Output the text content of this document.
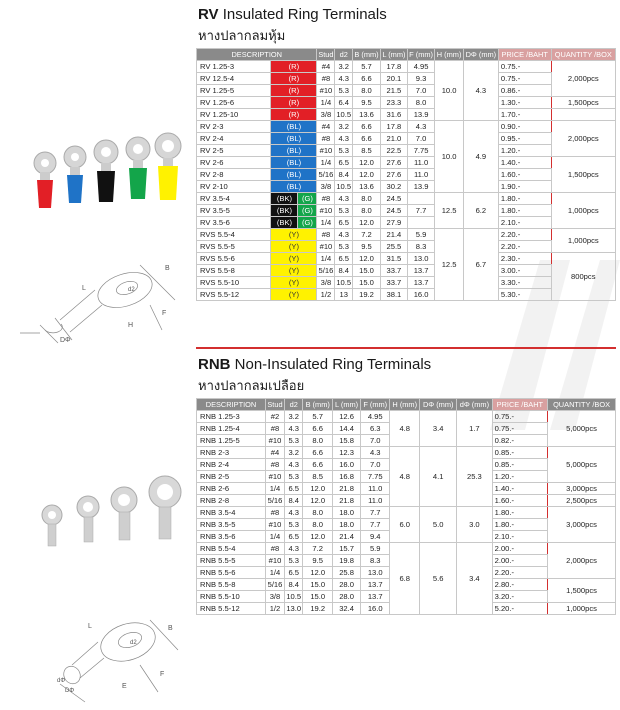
L
B
F
H
DΦ
d2
L	B
F
E
dΦ
DΦ
d2
RV Insulated Ring Terminals
หางปลากลมหุ้ม
DESCRIPTION			Stud	d2	B (mm)	L (mm)	F (mm)	H (mm)	DΦ (mm)	PRICE /BAHT	QUANTITY /BOX
RV 1.25-3	(R)		#4	3.2	5.7	17.8	4.95	10.0	4.3	0.75.-	2,000pcs
RV 12.5-4	(R)		#8	4.3	6.6	20.1	9.3			0.75.-	
RV 1.25-5	(R)		#10	5.3	8.0	21.5	7.0			0.86.-	
RV 1.25-6	(R)		1/4	6.4	9.5	23.3	8.0			1.30.-	1,500pcs
RV 1.25-10	(R)		3/8	10.5	13.6	31.6	13.9			1.70.-	
RV 2-3	(BL)		#4	3.2	6.6	17.8	4.3	10.0	4.9	0.90.-	2,000pcs
RV 2-4	(BL)		#8	4.3	6.6	21.0	7.0			0.95.-	
RV 2-5	(BL)		#10	5.3	8.5	22.5	7.75			1.20.-	
RV 2-6	(BL)		1/4	6.5	12.0	27.6	11.0			1.40.-	1,500pcs
RV 2-8	(BL)		5/16	8.4	12.0	27.6	11.0			1.60.-	
RV 2-10	(BL)		3/8	10.5	13.6	30.2	13.9			1.90.-	
RV 3.5-4	(BK)	(G)	#8	4.3	8.0	24.5		12.5	6.2	1.80.-	1,000pcs
RV 3.5-5	(BK)	(G)	#10	5.3	8.0	24.5	7.7			1.80.-	
RV 3.5-6	(BK)	(G)	1/4	6.5	12.0	27.9				2.10.-	
RVS 5.5-4	(Y)		#8	4.3	7.2	21.4	5.9	12.5	6.7	2.20.-	1,000pcs
RVS 5.5-5	(Y)		#10	5.3	9.5	25.5	8.3			2.20.-	
RVS 5.5-6	(Y)		1/4	6.5	12.0	31.5	13.0			2.30.-	800pcs
RVS 5.5-8	(Y)		5/16	8.4	15.0	33.7	13.7			3.00.-	
RVS 5.5-10	(Y)		3/8	10.5	15.0	33.7	13.7			3.30.-	
RVS 5.5-12	(Y)		1/2	13	19.2	38.1	16.0			5.30.-	
RNB Non-Insulated Ring Terminals
หางปลากลมเปลือย
DESCRIPTION	Stud	d2	B (mm)	L (mm)	F (mm)	H (mm)	DΦ (mm)	dΦ (mm)	PRICE /BAHT	QUANTITY /BOX
RNB 1.25-3	#2	3.2	5.7	12.6	4.95	4.8	3.4	1.7	0.75.-	5,000pcs
RNB 1.25-4	#8	4.3	6.6	14.4	6.3				0.75.-	
RNB 1.25-5	#10	5.3	8.0	15.8	7.0				0.82.-	
RNB 2-3	#4	3.2	6.6	12.3	4.3	4.8	4.1	25.3	0.85.-	5,000pcs
RNB 2-4	#8	4.3	6.6	16.0	7.0				0.85.-	
RNB 2-5	#10	5.3	8.5	16.8	7.75				1.20.-	
RNB 2-6	1/4	6.5	12.0	21.8	11.0				1.40.-	3,000pcs
RNB 2-8	5/16	8.4	12.0	21.8	11.0				1.60.-	2,500pcs
RNB 3.5-4	#8	4.3	8.0	18.0	7.7	6.0	5.0	3.0	1.80.-	3,000pcs
RNB 3.5-5	#10	5.3	8.0	18.0	7.7				1.80.-	
RNB 3.5-6	1/4	6.5	12.0	21.4	9.4				2.10.-	
RNB 5.5-4	#8	4.3	7.2	15.7	5.9	6.8	5.6	3.4	2.00.-	2,000pcs
RNB 5.5-5	#10	5.3	9.5	19.8	8.3				2.00.-	
RNB 5.5-6	1/4	6.5	12.0	25.8	13.0				2.20.-	
RNB 5.5-8	5/16	8.4	15.0	28.0	13.7				2.80.-	1,500pcs
RNB 5.5-10	3/8	10.5	15.0	28.0	13.7				3.20.-	
RNB 5.5-12	1/2	13.0	19.2	32.4	16.0				5.20.-	1,000pcs
